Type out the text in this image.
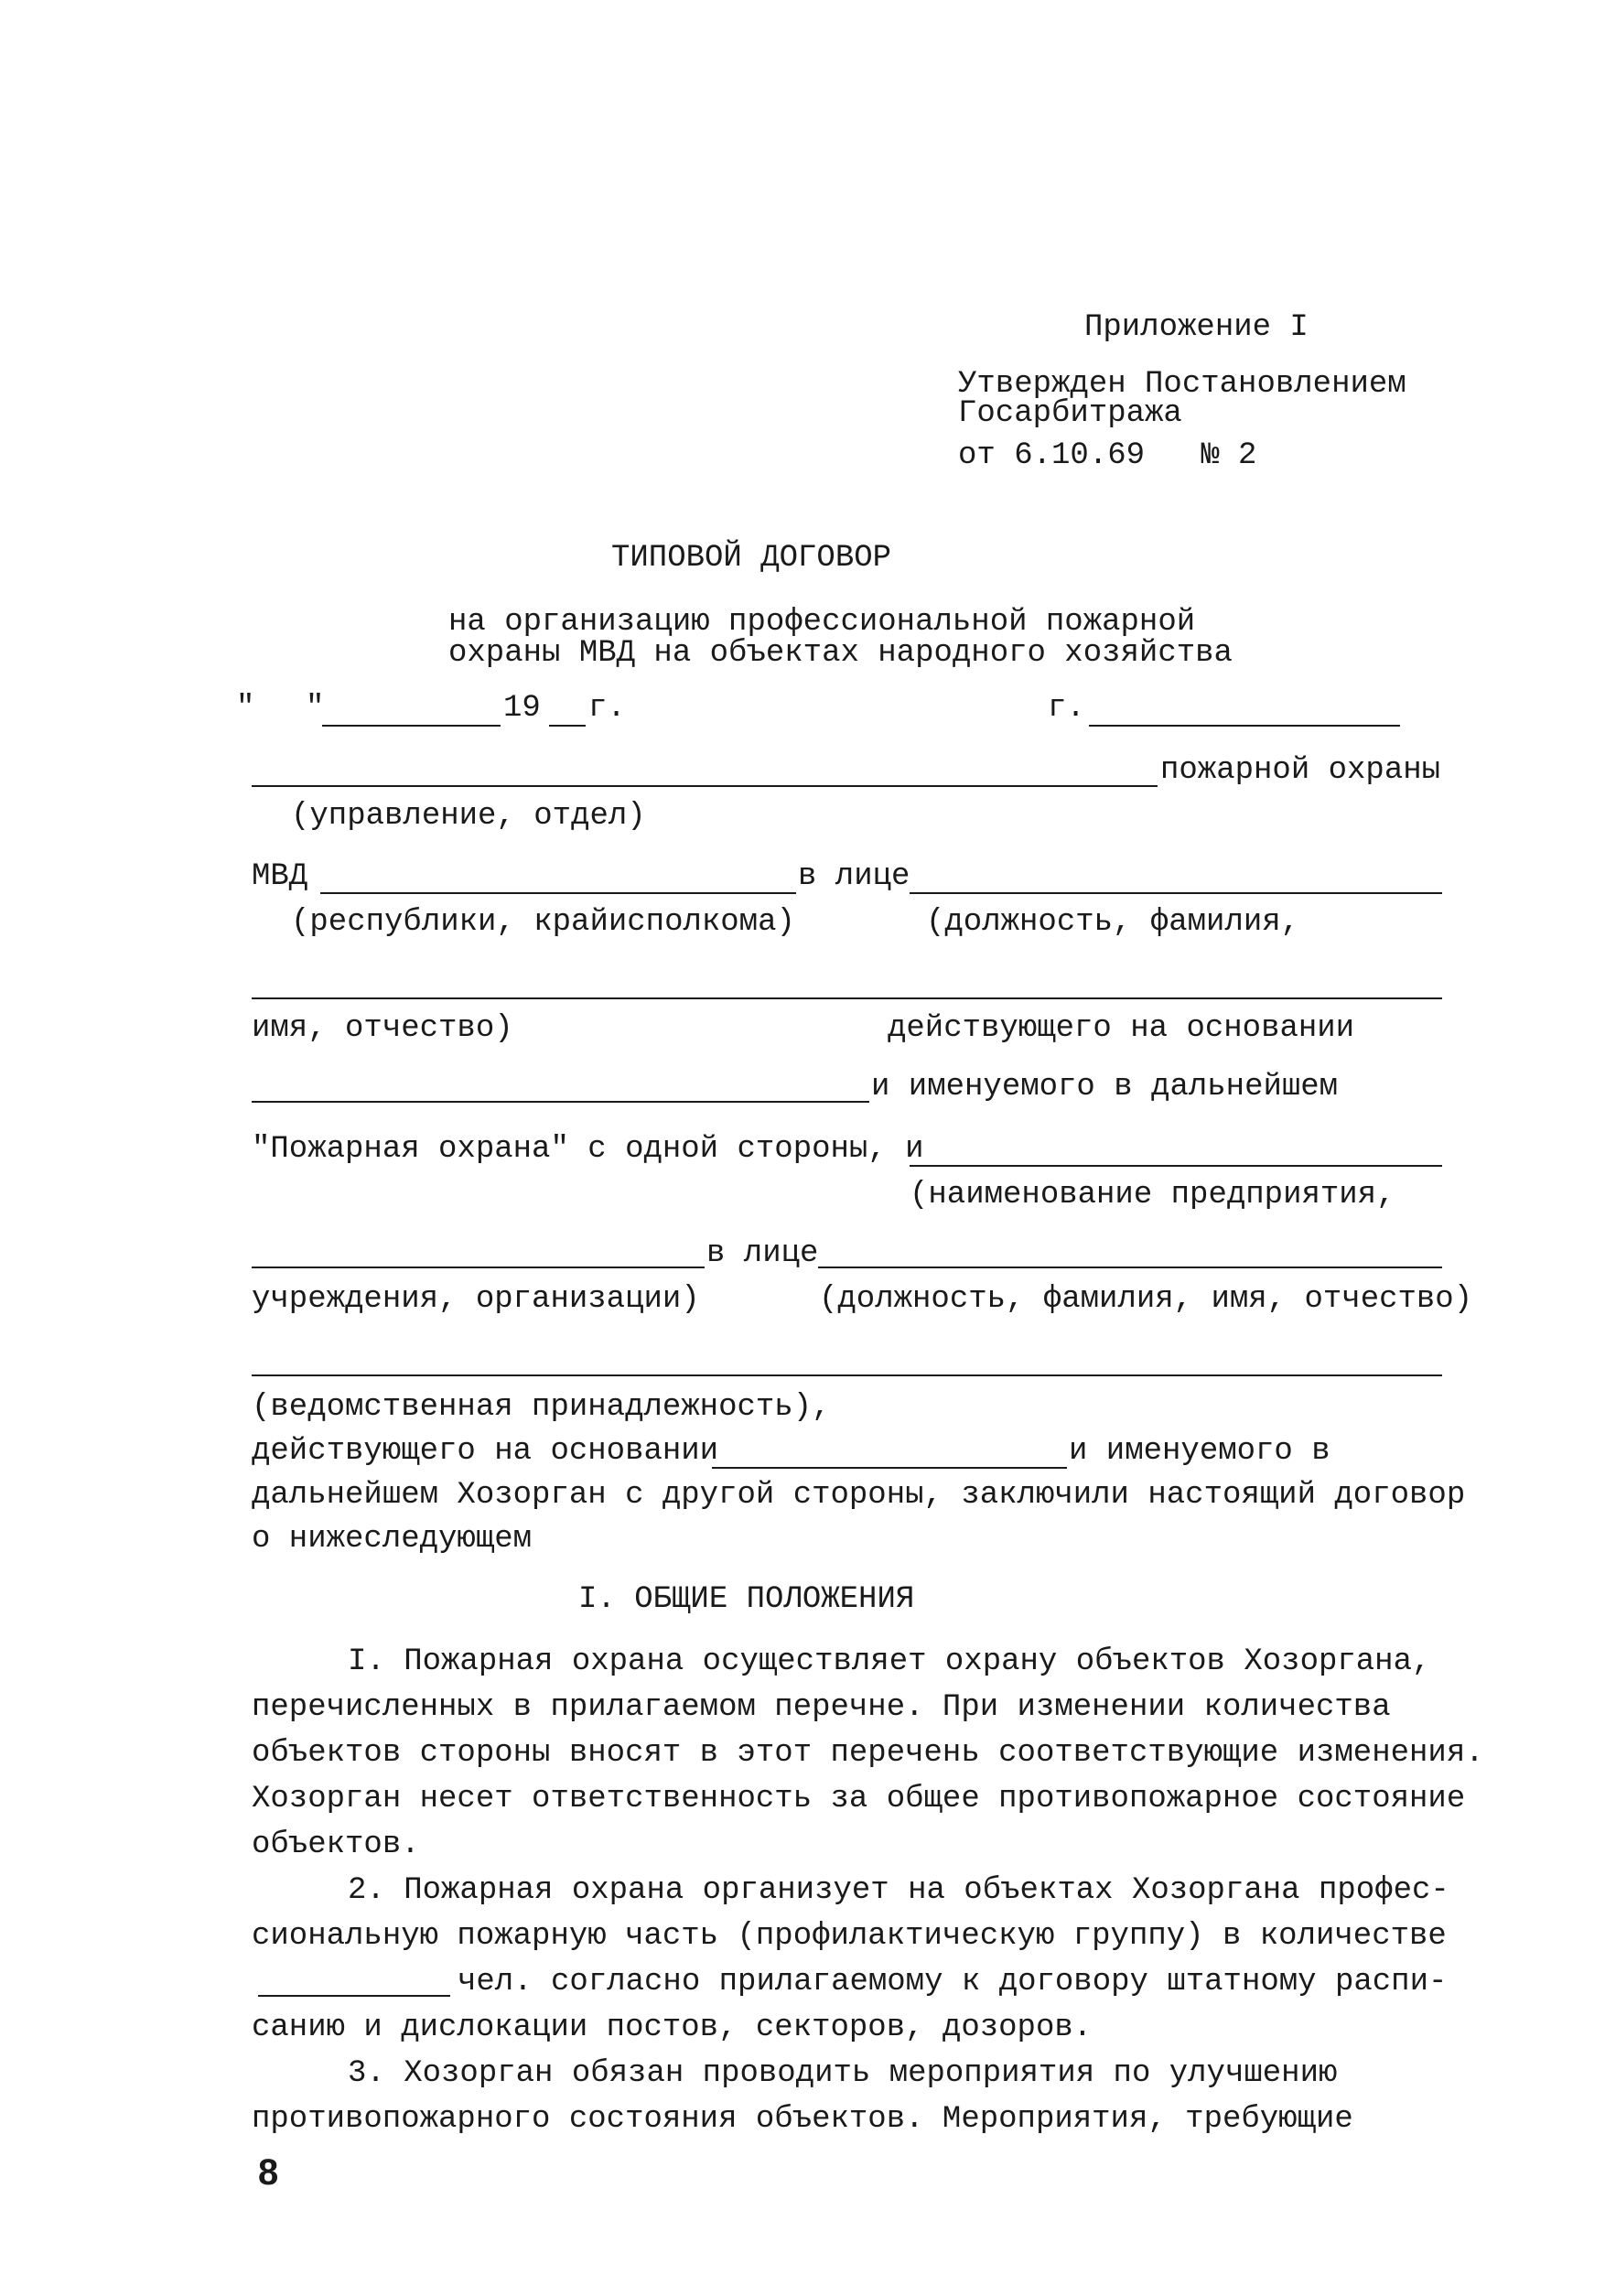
Приложение I
Утвержден Постановлением
Госарбитража
от 6.10.69   № 2
ТИПОВОЙ ДОГОВОР
на организацию профессиональной пожарной
охраны МВД на объектах народного хозяйства
" "	19 г.	г.
пожарной охраны
(управление, отдел)
МВД	в лице
(республики, крайисполкома)	(должность, фамилия,
имя, отчество)	действующего на основании
и именуемого в дальнейшем
"Пожарная охрана" с одной стороны, и
(наименование предприятия,
в лице
учреждения, организации)	(должность, фамилия, имя, отчество)
(ведомственная принадлежность),
действующего на основании	и именуемого в
дальнейшем Хозорган с другой стороны, заключили настоящий договор
о нижеследующем
I. ОБЩИЕ ПОЛОЖЕНИЯ
I. Пожарная охрана осуществляет охрану объектов Хозоргана,
перечисленных в прилагаемом перечне. При изменении количества
объектов стороны вносят в этот перечень соответствующие изменения.
Хозорган несет ответственность за общее противопожарное состояние
объектов.
2. Пожарная охрана организует на объектах Хозоргана профес-
сиональную пожарную часть (профилактическую группу) в количестве
чел. согласно прилагаемому к договору штатному распи-
санию и дислокации постов, секторов, дозоров.
3. Хозорган обязан проводить мероприятия по улучшению
противопожарного состояния объектов. Мероприятия, требующие
8
